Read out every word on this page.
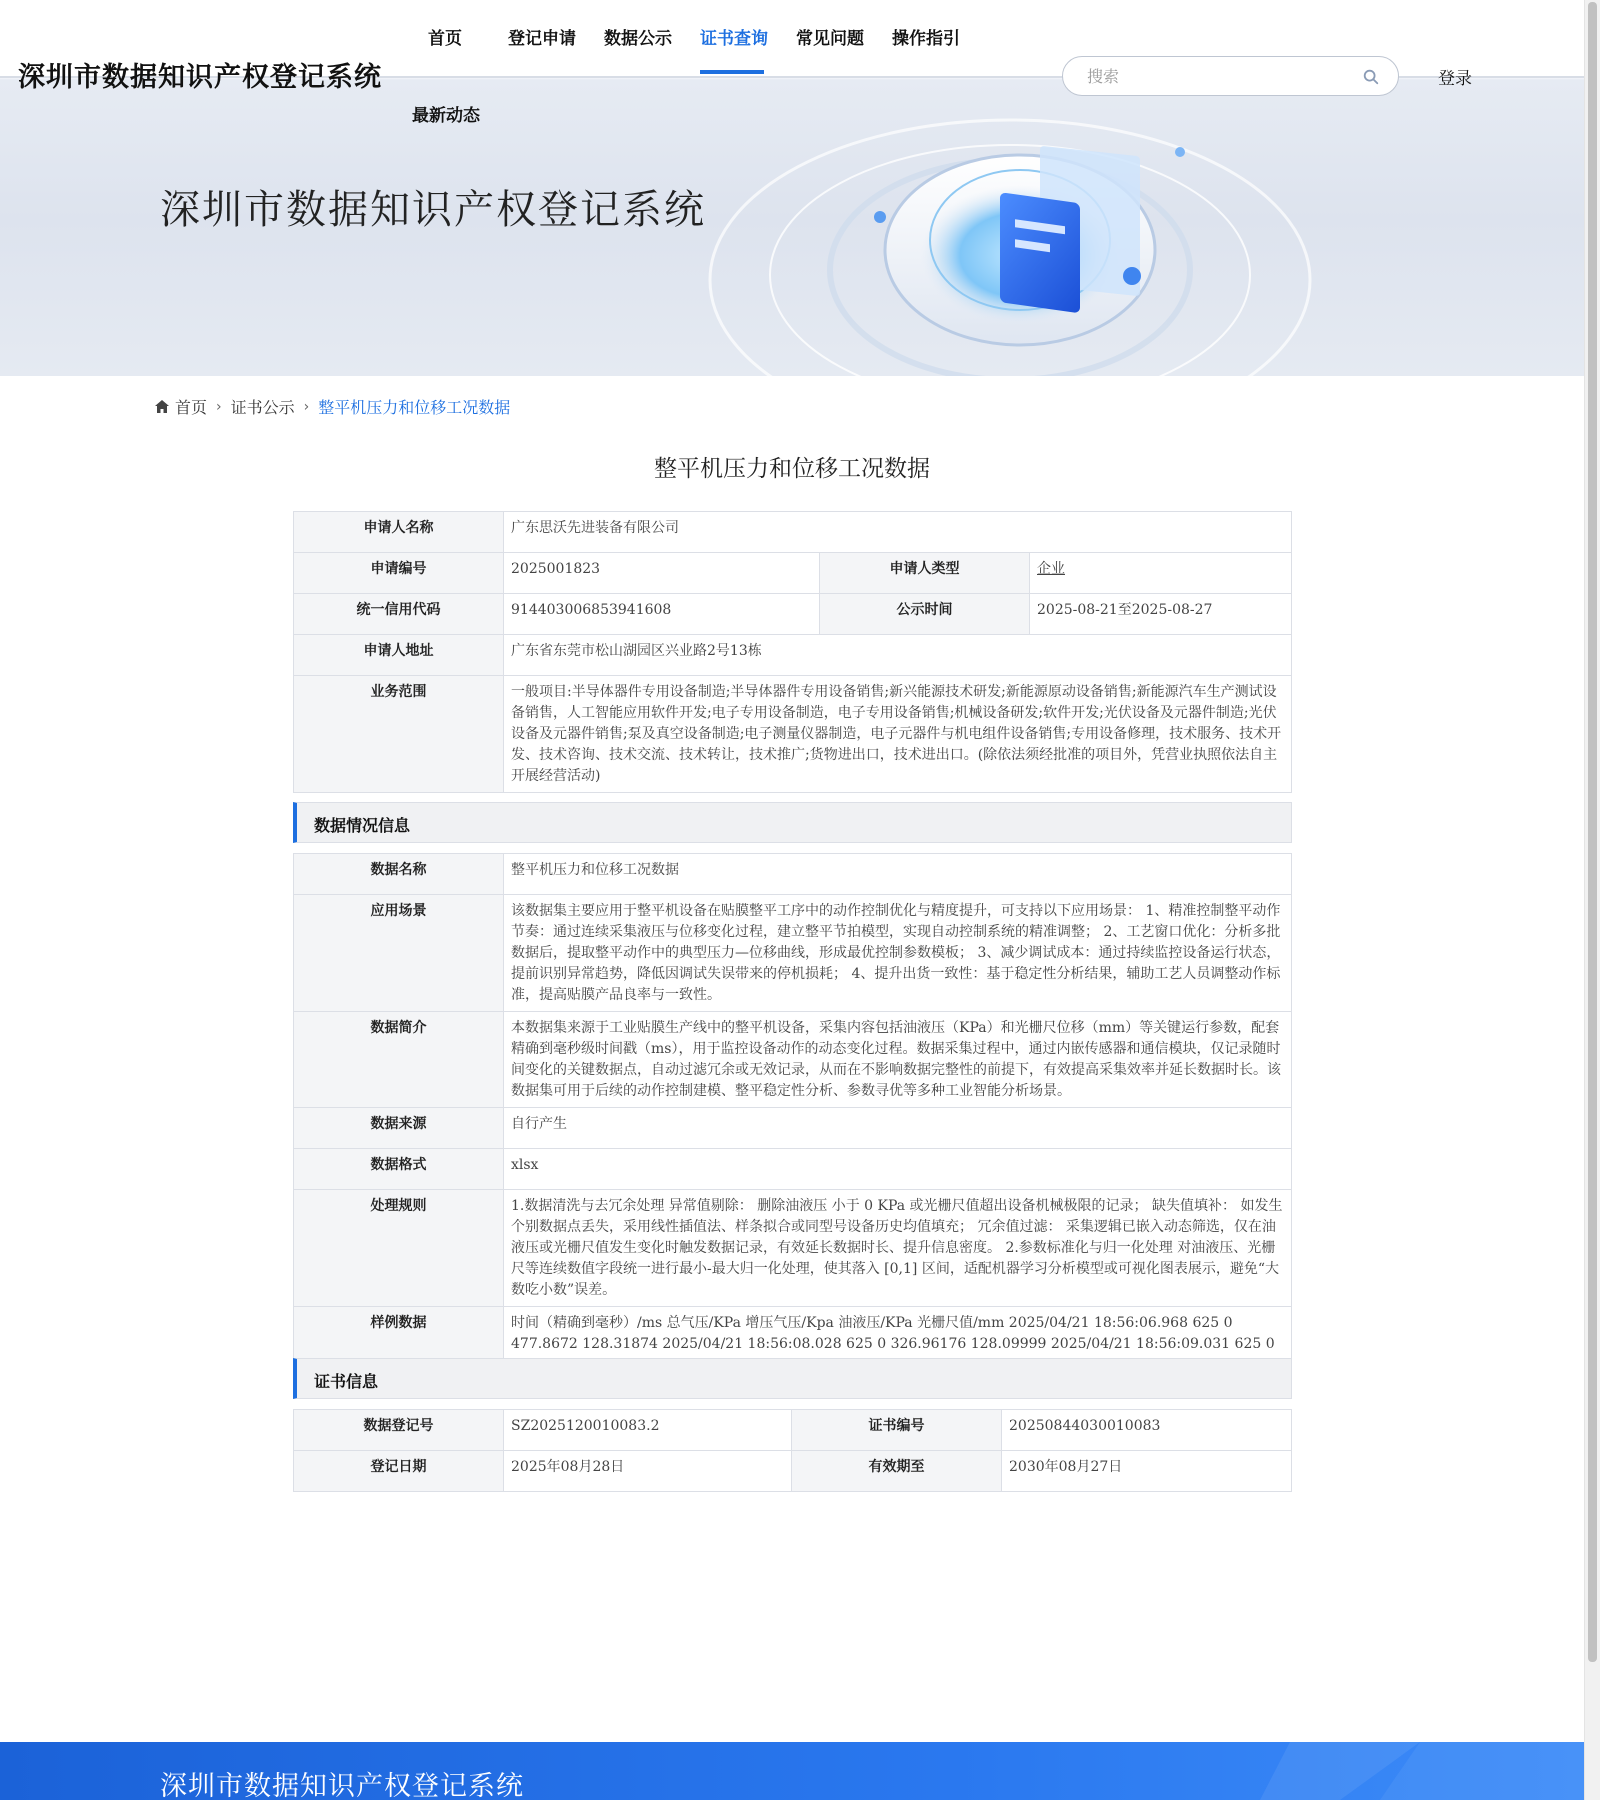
深圳市数据知识产权登记系统
首页	登记申请 数据公示 证书查询 常见问题 操作指引
最新动态
搜索
登录
深圳市数据知识产权登记系统
首页 › 证书公示 › 整平机压力和位移工况数据
整平机压力和位移工况数据
申请人名称	广东思沃先进装备有限公司		
申请编号	2025001823	申请人类型	企业
统一信用代码	914403006853941608	公示时间	2025-08-21至2025-08-27
申请人地址	广东省东莞市松山湖园区兴业路2号13栋		
业务范围	一般项目:半导体器件专用设备制造;半导体器件专用设备销售;新兴能源技术研发;新能源原动设备销售;新能源汽车生产测试设备销售，人工智能应用软件开发;电子专用设备制造，电子专用设备销售;机械设备研发;软件开发;光伏设备及元器件制造;光伏设备及元器件销售;泵及真空设备制造;电子测量仪器制造，电子元器件与机电组件设备销售;专用设备修理，技术服务、技术开发、技术咨询、技术交流、技术转让，技术推广;货物进出口，技术进出口。(除依法须经批准的项目外，凭营业执照依法自主开展经营活动)		
数据情况信息
数据名称	整平机压力和位移工况数据
应用场景	该数据集主要应用于整平机设备在贴膜整平工序中的动作控制优化与精度提升，可支持以下应用场景： 1、精准控制整平动作节奏：通过连续采集液压与位移变化过程，建立整平节拍模型，实现自动控制系统的精准调整； 2、工艺窗口优化：分析多批数据后，提取整平动作中的典型压力—位移曲线，形成最优控制参数模板； 3、减少调试成本：通过持续监控设备运行状态，提前识别异常趋势，降低因调试失误带来的停机损耗； 4、提升出货一致性：基于稳定性分析结果，辅助工艺人员调整动作标准，提高贴膜产品良率与一致性。
数据简介	本数据集来源于工业贴膜生产线中的整平机设备，采集内容包括油液压（KPa）和光栅尺位移（mm）等关键运行参数，配套精确到毫秒级时间戳（ms），用于监控设备动作的动态变化过程。数据采集过程中，通过内嵌传感器和通信模块，仅记录随时间变化的关键数据点，自动过滤冗余或无效记录，从而在不影响数据完整性的前提下，有效提高采集效率并延长数据时长。该数据集可用于后续的动作控制建模、整平稳定性分析、参数寻优等多种工业智能分析场景。
数据来源	自行产生
数据格式	xlsx
处理规则	1.数据清洗与去冗余处理 异常值剔除： 删除油液压 小于 0 KPa 或光栅尺值超出设备机械极限的记录； 缺失值填补： 如发生个别数据点丢失，采用线性插值法、样条拟合或同型号设备历史均值填充； 冗余值过滤： 采集逻辑已嵌入动态筛选，仅在油液压或光栅尺值发生变化时触发数据记录，有效延长数据时长、提升信息密度。 2.参数标准化与归一化处理 对油液压、光栅尺等连续数值字段统一进行最小-最大归一化处理，使其落入 [0,1] 区间，适配机器学习分析模型或可视化图表展示，避免“大数吃小数”误差。
样例数据	时间（精确到毫秒）/ms 总气压/KPa 增压气压/Kpa 油液压/KPa 光栅尺值/mm 2025/04/21 18:56:06.968 625 0 477.8672 128.31874 2025/04/21 18:56:08.028 625 0 326.96176 128.09999 2025/04/21 18:56:09.031 625 0
证书信息
数据登记号	SZ2025120010083.2	证书编号	20250844030010083
登记日期	2025年08月28日	有效期至	2030年08月27日
深圳市数据知识产权登记系统
